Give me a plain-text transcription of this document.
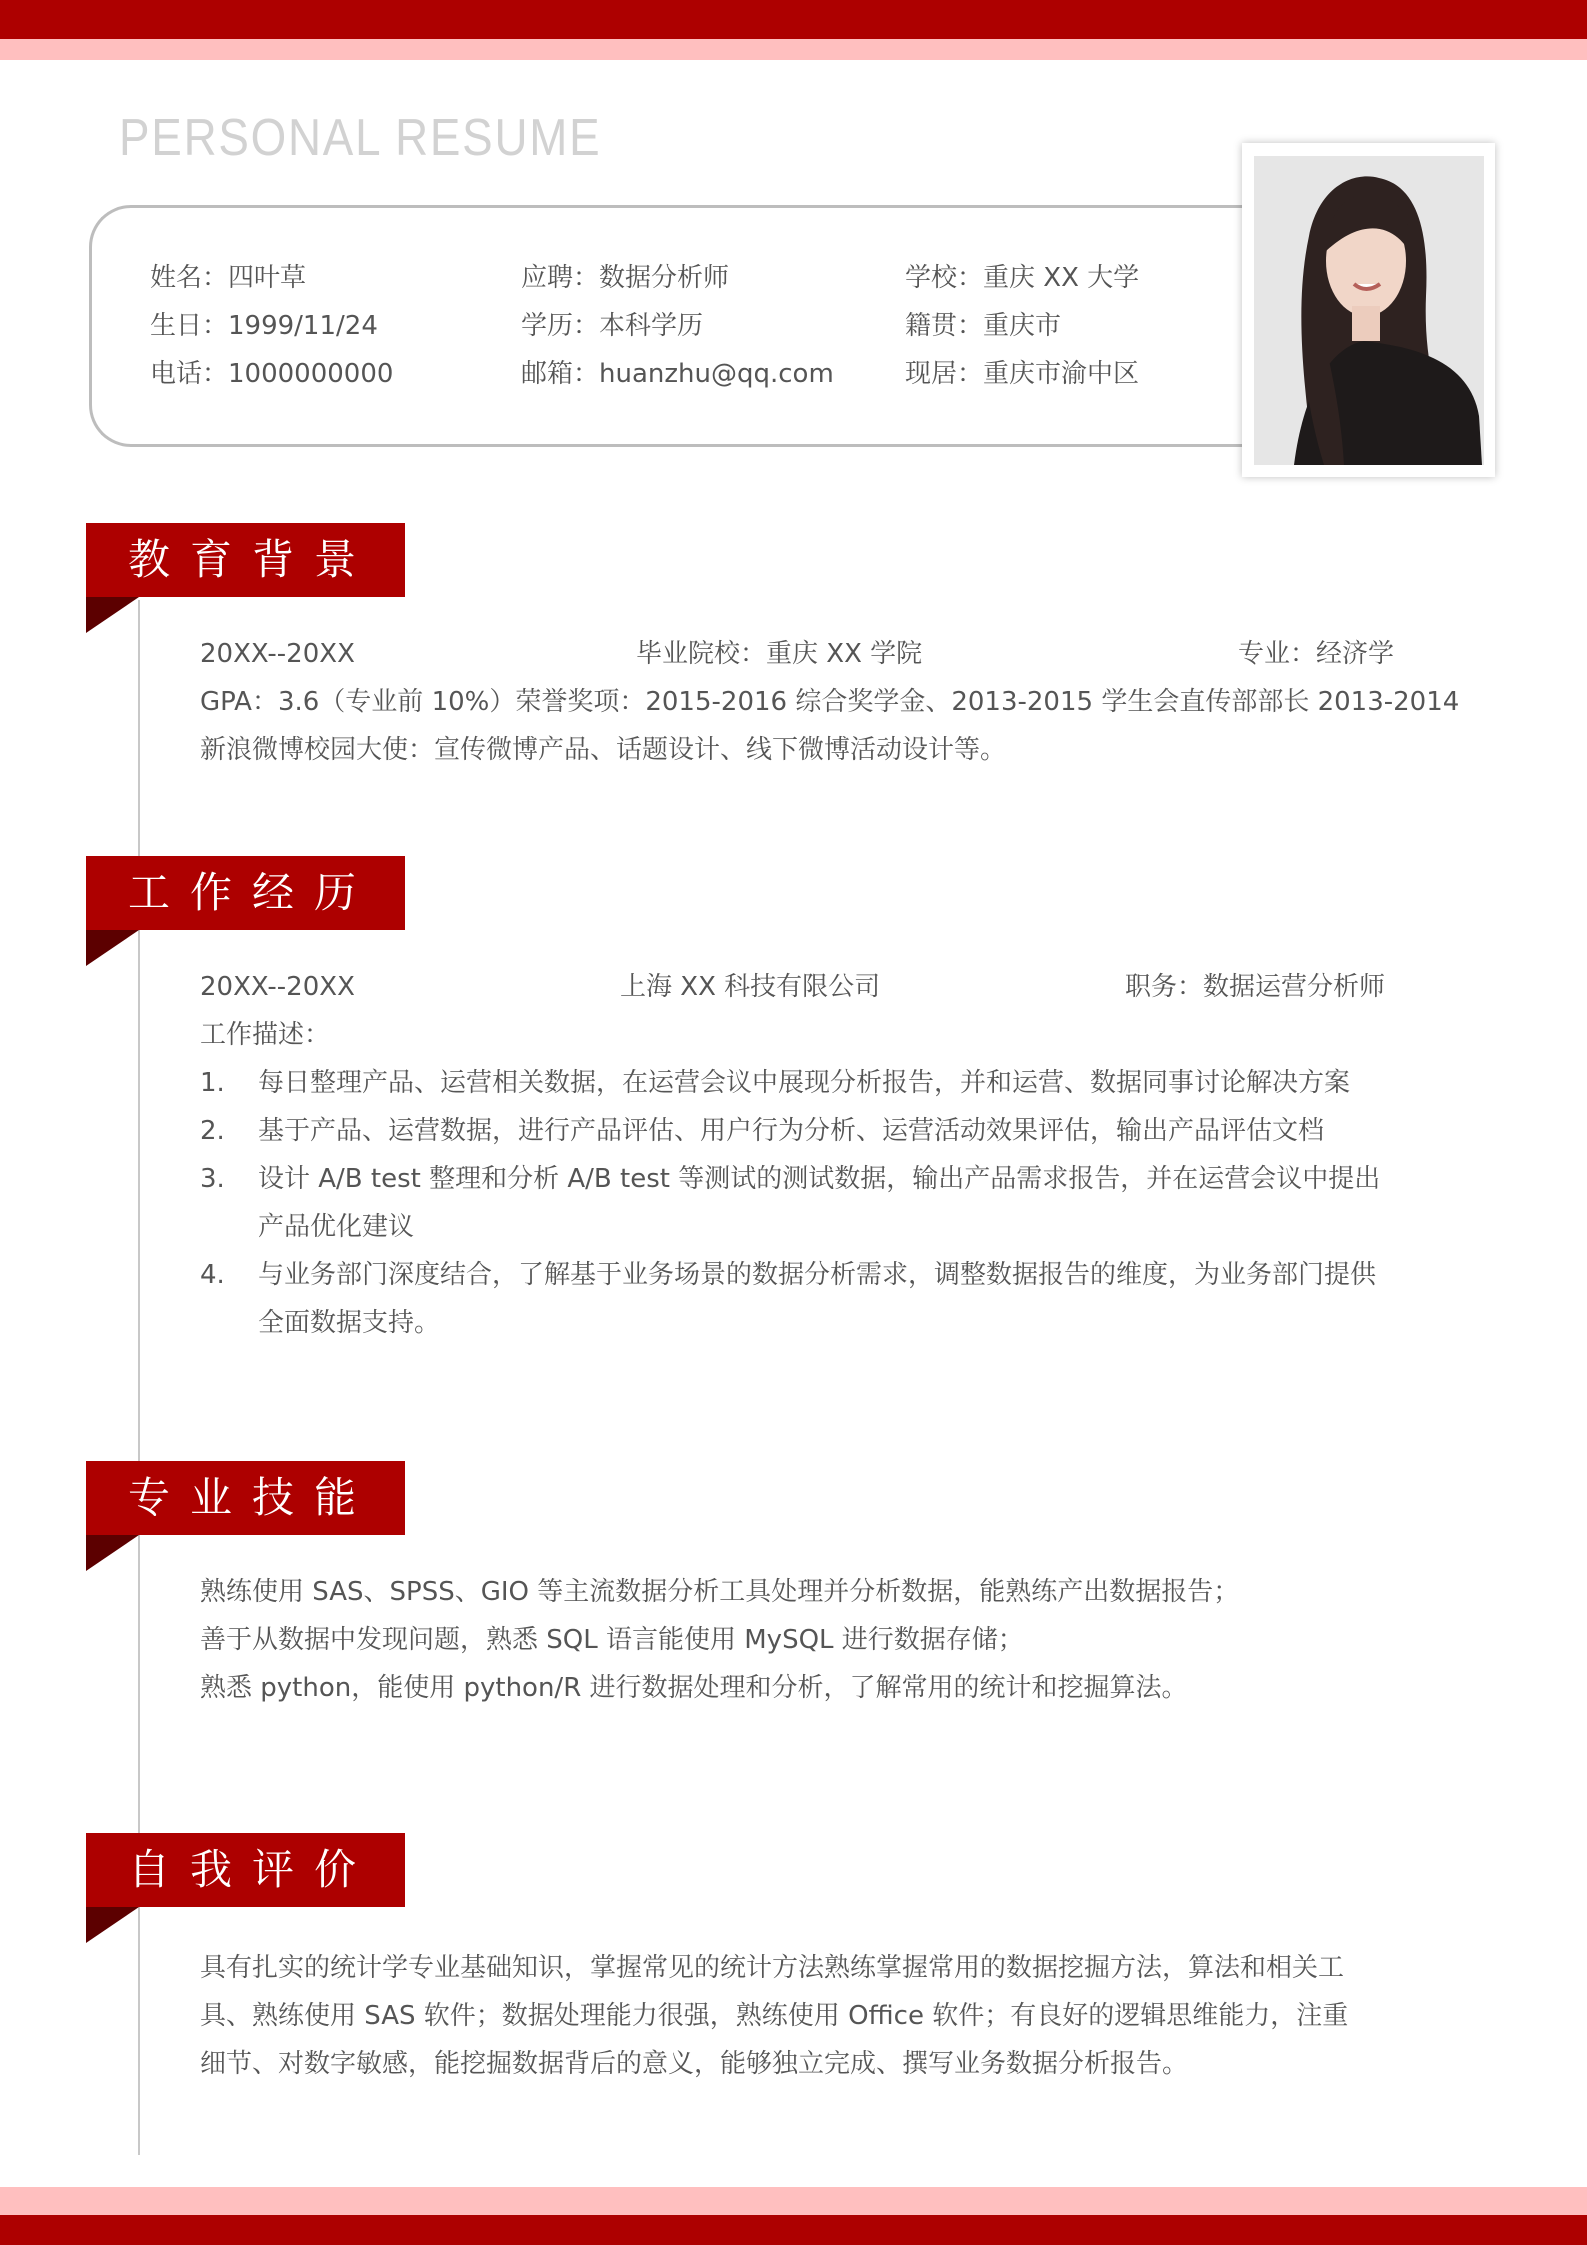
PERSONAL RESUME
姓名：四叶草
生日：1999/11/24
电话：1000000000
应聘：数据分析师
学历：本科学历
邮箱：huanzhu@qq.com
学校：重庆 XX 大学
籍贯：重庆市
现居：重庆市渝中区
教育背景
20XX--20XX	毕业院校：重庆 XX 学院	专业：经济学
GPA：3.6（专业前 10%）荣誉奖项：2015-2016 综合奖学金、2013-2015 学生会直传部部长 2013-2014
新浪微博校园大使：宣传微博产品、话题设计、线下微博活动设计等。
工作经历
20XX--20XX	上海 XX 科技有限公司	职务：数据运营分析师
工作描述：
1. 每日整理产品、运营相关数据，在运营会议中展现分析报告，并和运营、数据同事讨论解决方案
2. 基于产品、运营数据，进行产品评估、用户行为分析、运营活动效果评估，输出产品评估文档
3. 设计 A/B test 整理和分析 A/B test 等测试的测试数据，输出产品需求报告，并在运营会议中提出
产品优化建议
4. 与业务部门深度结合，了解基于业务场景的数据分析需求，调整数据报告的维度，为业务部门提供
全面数据支持。
专业技能
熟练使用 SAS、SPSS、GIO 等主流数据分析工具处理并分析数据，能熟练产出数据报告；
善于从数据中发现问题，熟悉 SQL 语言能使用 MySQL 进行数据存储；
熟悉 python，能使用 python/R 进行数据处理和分析，了解常用的统计和挖掘算法。
自我评价
具有扎实的统计学专业基础知识，掌握常见的统计方法熟练掌握常用的数据挖掘方法，算法和相关工
具、熟练使用 SAS 软件；数据处理能力很强，熟练使用 Office 软件；有良好的逻辑思维能力，注重
细节、对数字敏感，能挖掘数据背后的意义，能够独立完成、撰写业务数据分析报告。
